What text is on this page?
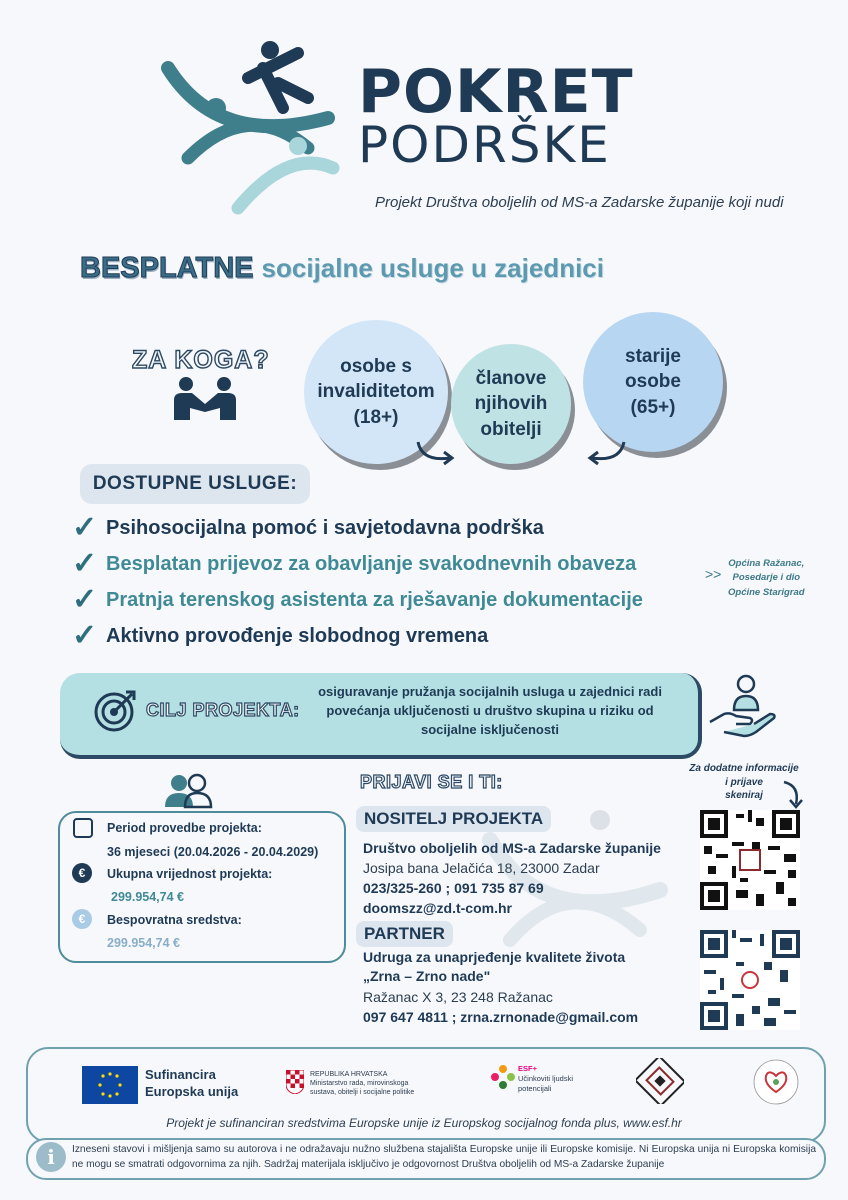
POKRET
PODRŠKE
Projekt Društva oboljelih od MS-a Zadarske županije koji nudi
BESPLATNE socijalne usluge u zajednici
ZA KOGA?	osobe s
invaliditetom
(18+)
članove
njihovih
obitelji
starije
osobe
(65+)
DOSTUPNE USLUGE:
✓ Psihosocijalna pomoć i savjetodavna podrška
✓ Besplatan prijevoz za obavljanje svakodnevnih obaveza
✓ Pratnja terenskog asistenta za rješavanje dokumentacije
✓ Aktivno provođenje slobodnog vremena
>>
Općina Ražanac,
Posedarje i dio
Općine Starigrad
CILJ PROJEKTA:
osiguravanje pružanja socijalnih usluga u zajednici radi
povećanja uključenosti u društvo skupina u riziku od
socijalne isključenosti
Period provedbe projekta:
36 mjeseci (20.04.2026 - 20.04.2029)
€	Ukupna vrijednost projekta:
299.954,74 €
€	Bespovratna sredstva:
299.954,74 €
PRIJAVI SE I TI:
NOSITELJ PROJEKTA
Društvo oboljelih od MS-a Zadarske županije
Josipa bana Jelačića 18, 23000 Zadar
023/325-260 ; 091 735 87 69
doomszz@zd.t-com.hr
PARTNER
Udruga za unaprjeđenje kvalitete života
„Zrna – Zrno nade"
Ražanac X 3, 23 248 Ražanac
097 647 4811 ; zrna.zrnonade@gmail.com
Za dodatne informacije
i prijave
skeniraj
Sufinancira
Europska unija
REPUBLIKA HRVATSKA
Ministarstvo rada, mirovinskoga
sustava, obitelji i socijalne politike
ESF+
Učinkoviti ljudski
potencijali
Projekt je sufinanciran sredstvima Europske unije iz Europskog socijalnog fonda plus, www.esf.hr
i	Izneseni stavovi i mišljenja samo su autorova i ne odražavaju nužno službena stajališta Europske unije ili Europske komisije. Ni Europska unija ni Europska komisija ne mogu se smatrati odgovornima za njih. Sadržaj materijala isključivo je odgovornost Društva oboljelih od MS-a Zadarske županije
